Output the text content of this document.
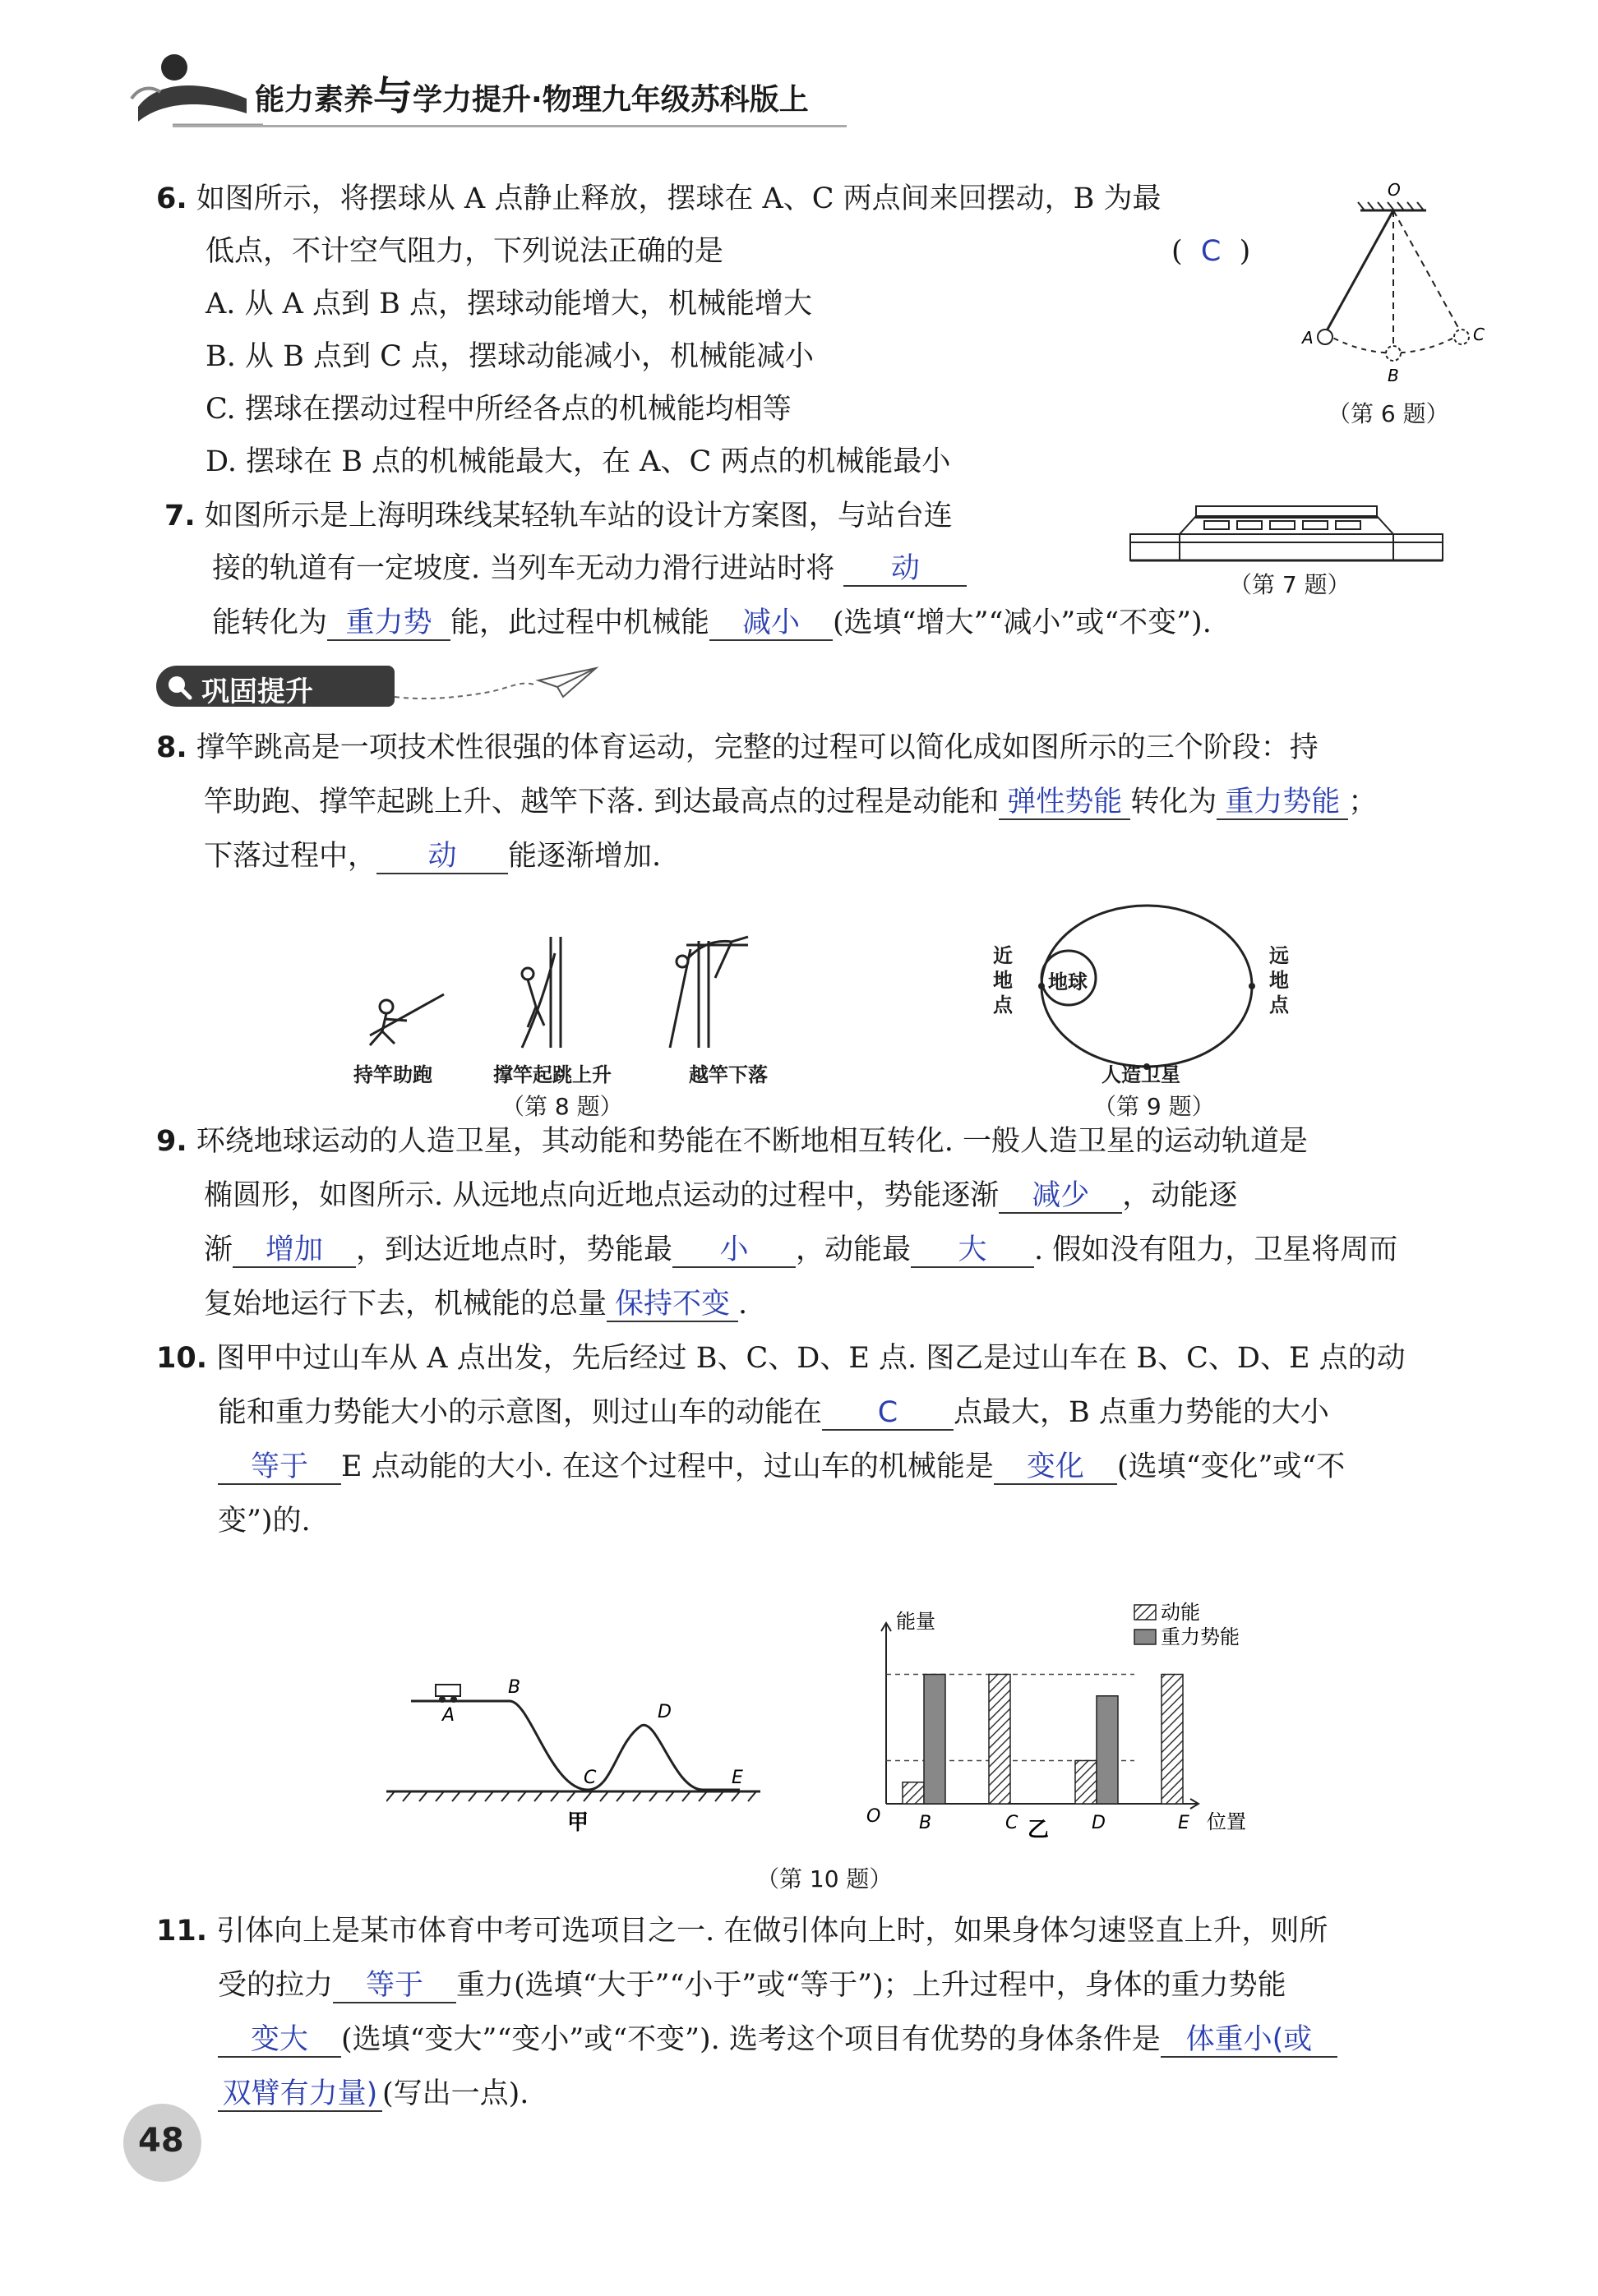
能力素养与学力提升·物理九年级苏科版上
6. 如图所示，将摆球从 A 点静止释放，摆球在 A、C 两点间来回摆动，B 为最
低点，不计空气阻力，下列说法正确的是	(  C  )
A. 从 A 点到 B 点，摆球动能增大，机械能增大
B. 从 B 点到 C 点，摆球动能减小，机械能减小
C. 摆球在摆动过程中所经各点的机械能均相等
D. 摆球在 B 点的机械能最大，在 A、C 两点的机械能最小
O
A
B
C
（第 6 题）
7. 如图所示是上海明珠线某轻轨车站的设计方案图，与站台连
接的轨道有一定坡度. 当列车无动力滑行进站时将 动
能转化为 重力势 能，此过程中机械能 减小 (选填“增大”“减小”或“不变”).
（第 7 题）
巩固提升
8. 撑竿跳高是一项技术性很强的体育运动，完整的过程可以简化成如图所示的三个阶段：持
竿助跑、撑竿起跳上升、越竿下落. 到达最高点的过程是动能和 弹性势能 转化为 重力势能 ；
下落过程中， 动 能逐渐增加.
持竿助跑	撑竿起跳上升	越竿下落
（第 8 题）
地球
近地点
远地点
人造卫星
（第 9 题）
9. 环绕地球运动的人造卫星，其动能和势能在不断地相互转化. 一般人造卫星的运动轨道是
椭圆形，如图所示. 从远地点向近地点运动的过程中，势能逐渐 减少 ，动能逐
渐 增加 ，到达近地点时，势能最 小 ，动能最 大 . 假如没有阻力，卫星将周而
复始地运行下去，机械能的总量 保持不变 .
10. 图甲中过山车从 A 点出发，先后经过 B、C、D、E 点. 图乙是过山车在 B、C、D、E 点的动
能和重力势能大小的示意图，则过山车的动能在 C 点最大，B 点重力势能的大小
等于 E 点动能的大小. 在这个过程中，过山车的机械能是 变化 (选填“变化”或“不
变”)的.
A
B
C
D
E
甲	B	C	D	E
能量
位置
O
动能
重力势能
乙
（第 10 题）
11. 引体向上是某市体育中考可选项目之一. 在做引体向上时，如果身体匀速竖直上升，则所
受的拉力 等于 重力(选填“大于”“小于”或“等于”)；上升过程中，身体的重力势能
变大 (选填“变大”“变小”或“不变”). 选考这个项目有优势的身体条件是 体重小(或
双臂有力量) (写出一点).
48
